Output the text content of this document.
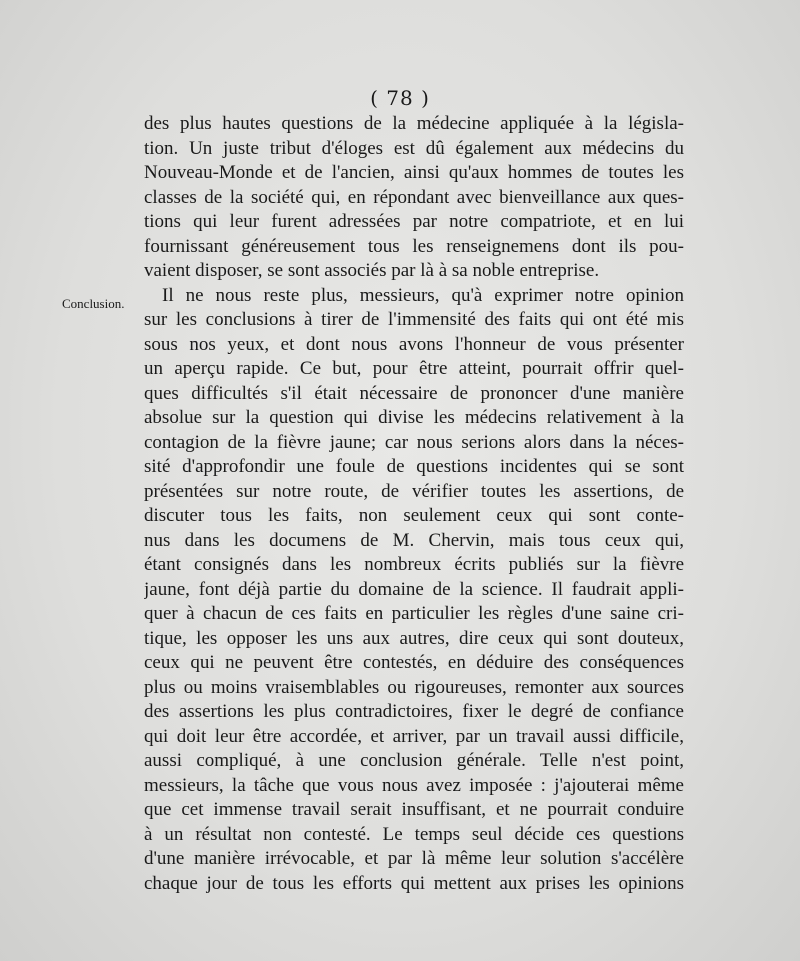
( 78 )
Conclusion.
des plus hautes questions de la médecine appliquée à la législa-
tion. Un juste tribut d'éloges est dû également aux médecins du
Nouveau-Monde et de l'ancien, ainsi qu'aux hommes de toutes les
classes de la société qui, en répondant avec bienveillance aux ques-
tions qui leur furent adressées par notre compatriote, et en lui
fournissant généreusement tous les renseignemens dont ils pou-
vaient disposer, se sont associés par là à sa noble entreprise.
Il ne nous reste plus, messieurs, qu'à exprimer notre opinion
sur les conclusions à tirer de l'immensité des faits qui ont été mis
sous nos yeux, et dont nous avons l'honneur de vous présenter
un aperçu rapide. Ce but, pour être atteint, pourrait offrir quel-
ques difficultés s'il était nécessaire de prononcer d'une manière
absolue sur la question qui divise les médecins relativement à la
contagion de la fièvre jaune; car nous serions alors dans la néces-
sité d'approfondir une foule de questions incidentes qui se sont
présentées sur notre route, de vérifier toutes les assertions, de
discuter tous les faits, non seulement ceux qui sont conte-
nus dans les documens de M. Chervin, mais tous ceux qui,
étant consignés dans les nombreux écrits publiés sur la fièvre
jaune, font déjà partie du domaine de la science. Il faudrait appli-
quer à chacun de ces faits en particulier les règles d'une saine cri-
tique, les opposer les uns aux autres, dire ceux qui sont douteux,
ceux qui ne peuvent être contestés, en déduire des conséquences
plus ou moins vraisemblables ou rigoureuses, remonter aux sources
des assertions les plus contradictoires, fixer le degré de confiance
qui doit leur être accordée, et arriver, par un travail aussi difficile,
aussi compliqué, à une conclusion générale. Telle n'est point,
messieurs, la tâche que vous nous avez imposée : j'ajouterai même
que cet immense travail serait insuffisant, et ne pourrait conduire
à un résultat non contesté. Le temps seul décide ces questions
d'une manière irrévocable, et par là même leur solution s'accélère
chaque jour de tous les efforts qui mettent aux prises les opinions
